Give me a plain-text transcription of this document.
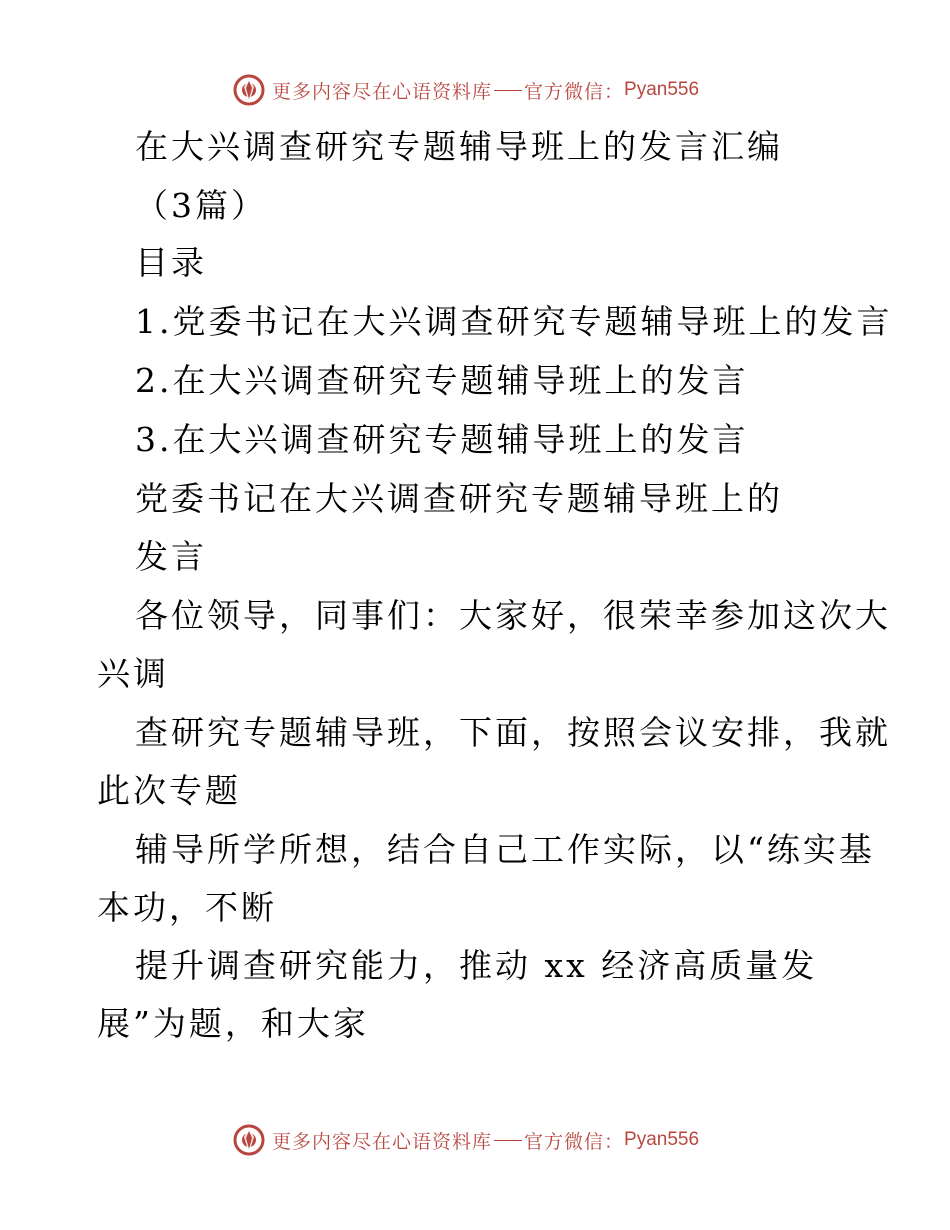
更多内容尽在心语资料库 官方微信： Pyan556
在大兴调查研究专题辅导班上的发言汇编
（3篇）
目录
1.党委书记在大兴调查研究专题辅导班上的发言
2.在大兴调查研究专题辅导班上的发言
3.在大兴调查研究专题辅导班上的发言
党委书记在大兴调查研究专题辅导班上的
发言
各位领导，同事们：大家好，很荣幸参加这次大
兴调
查研究专题辅导班，下面，按照会议安排，我就
此次专题
辅导所学所想，结合自己工作实际，以“练实基
本功，不断
提升调查研究能力，推动 xx 经济高质量发
展”为题，和大家
更多内容尽在心语资料库 官方微信： Pyan556
